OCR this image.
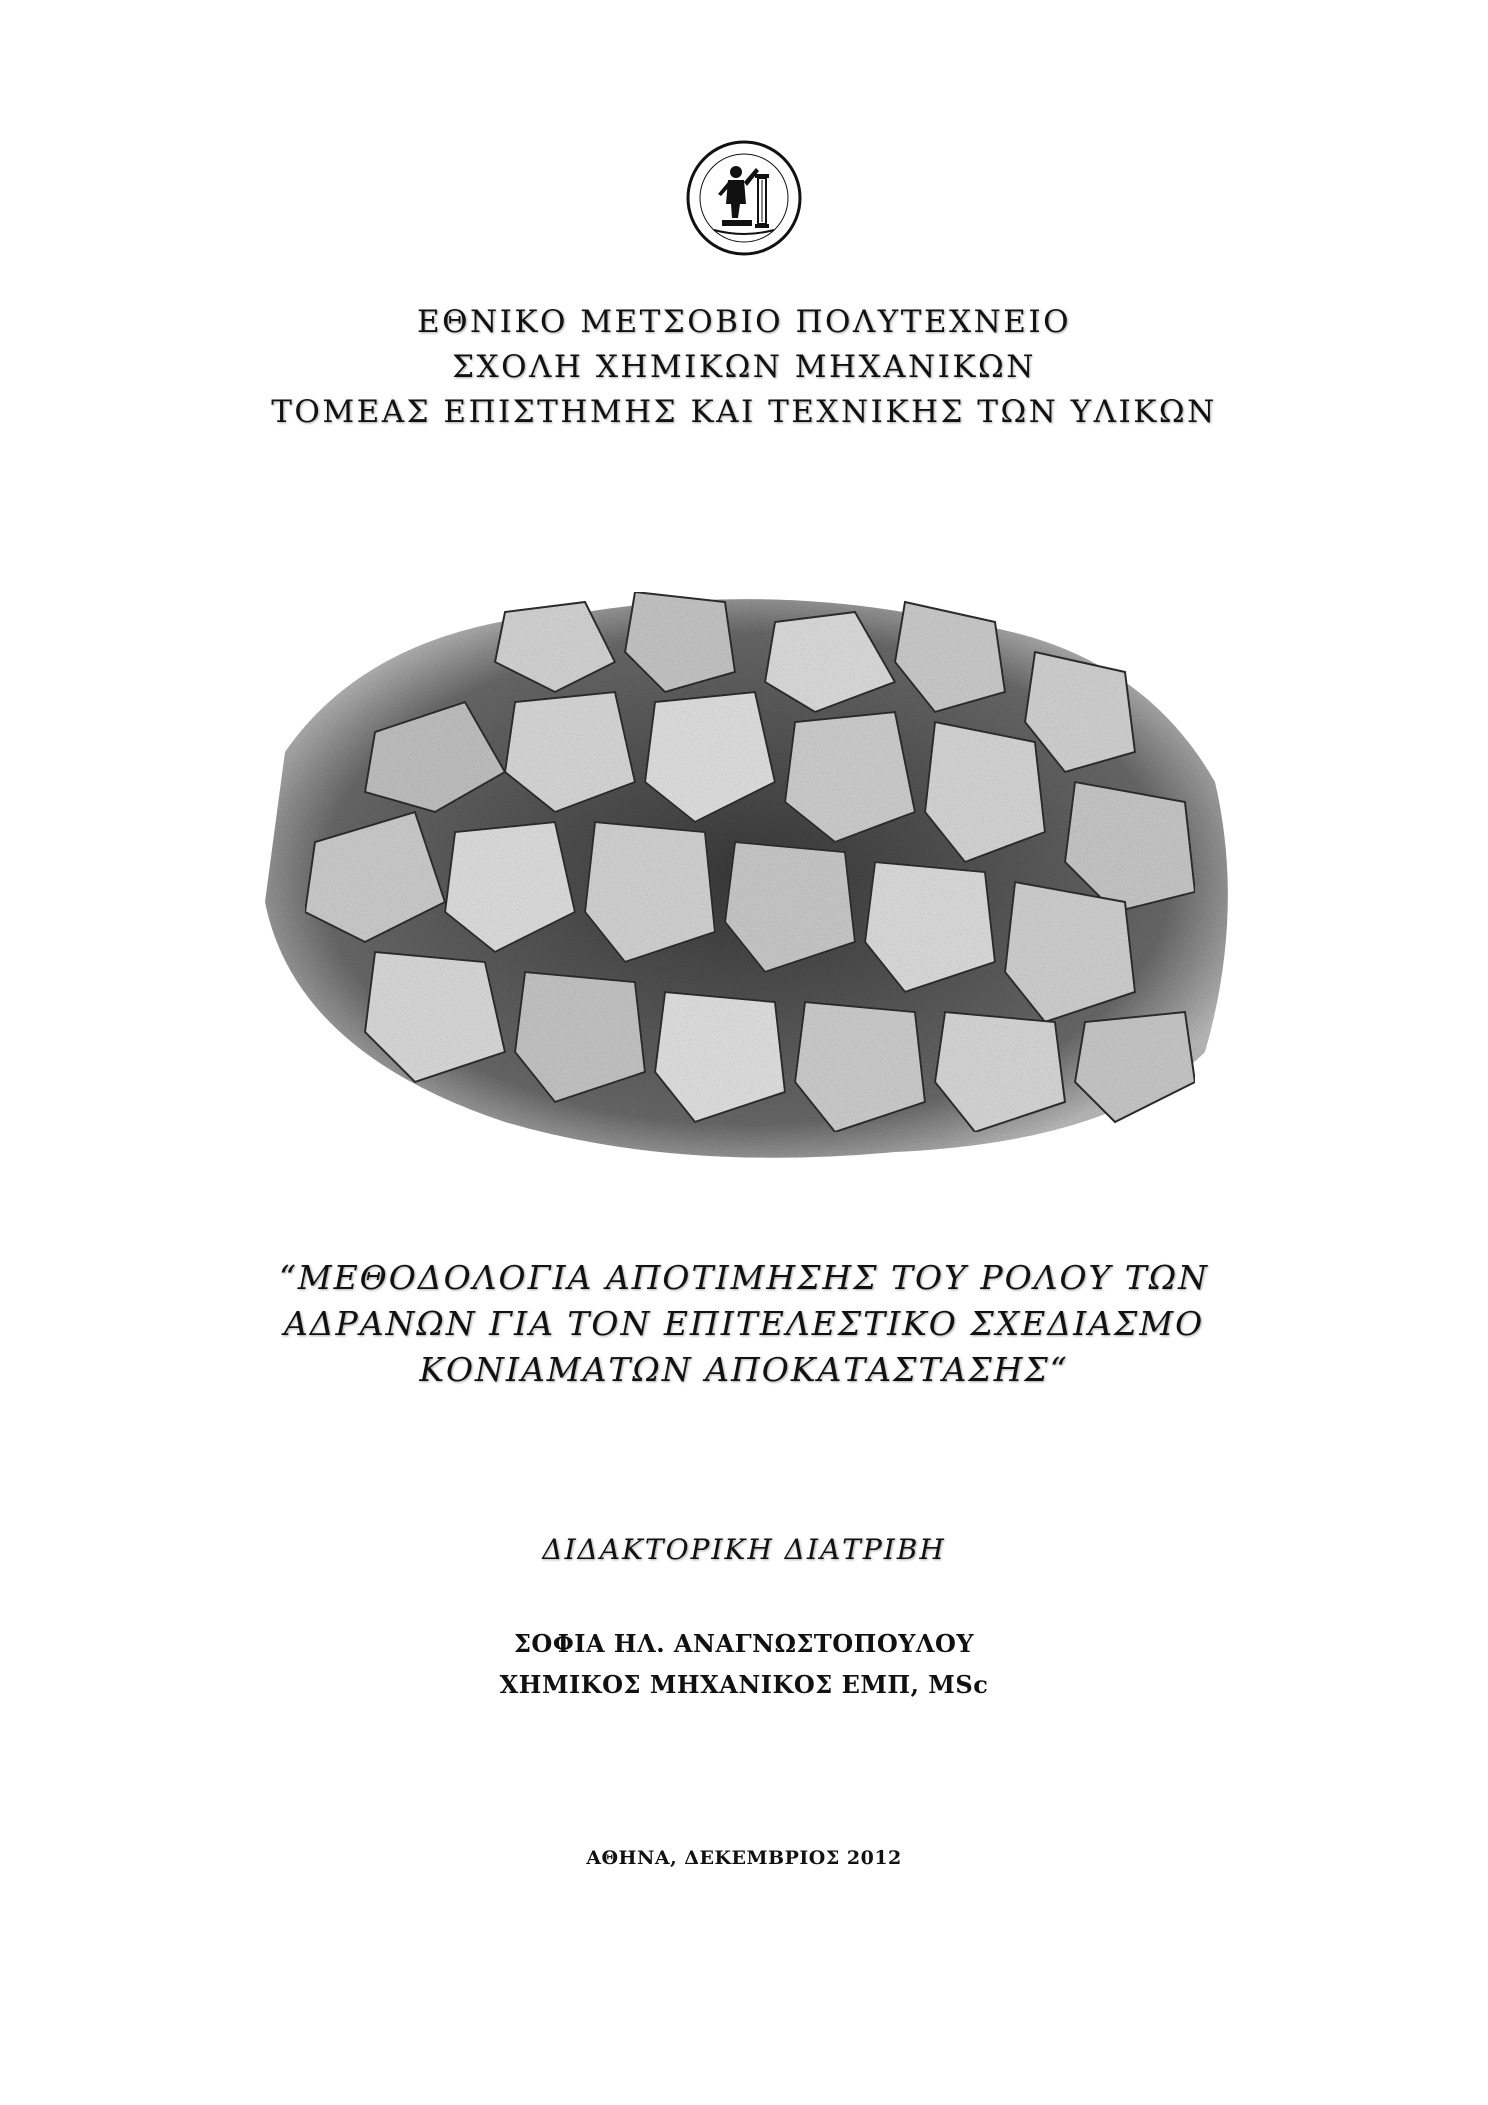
ΕΘΝΙΚΟ ΜΕΤΣΟΒΙΟ ΠΟΛΥΤΕΧΝΕΙΟ
ΣΧΟΛΗ ΧΗΜΙΚΩΝ ΜΗΧΑΝΙΚΩΝ
ΤΟΜΕΑΣ ΕΠΙΣΤΗΜΗΣ ΚΑΙ ΤΕΧΝΙΚΗΣ ΤΩΝ ΥΛΙΚΩΝ
“ΜΕΘΟΔΟΛΟΓΙΑ ΑΠΟΤΙΜΗΣΗΣ ΤΟΥ ΡΟΛΟΥ ΤΩΝ
ΑΔΡΑΝΩΝ ΓΙΑ ΤΟΝ ΕΠΙΤΕΛΕΣΤΙΚΟ ΣΧΕΔΙΑΣΜΟ
ΚΟΝΙΑΜΑΤΩΝ ΑΠΟΚΑΤΑΣΤΑΣΗΣ“
ΔΙΔΑΚΤΟΡΙΚΗ ΔΙΑΤΡΙΒΗ
ΣΟΦΙΑ ΗΛ. ΑΝΑΓΝΩΣΤΟΠΟΥΛΟΥ
ΧΗΜΙΚΟΣ ΜΗΧΑΝΙΚΟΣ ΕΜΠ, MSc
ΑΘΗΝΑ, ΔΕΚΕΜΒΡΙΟΣ 2012
